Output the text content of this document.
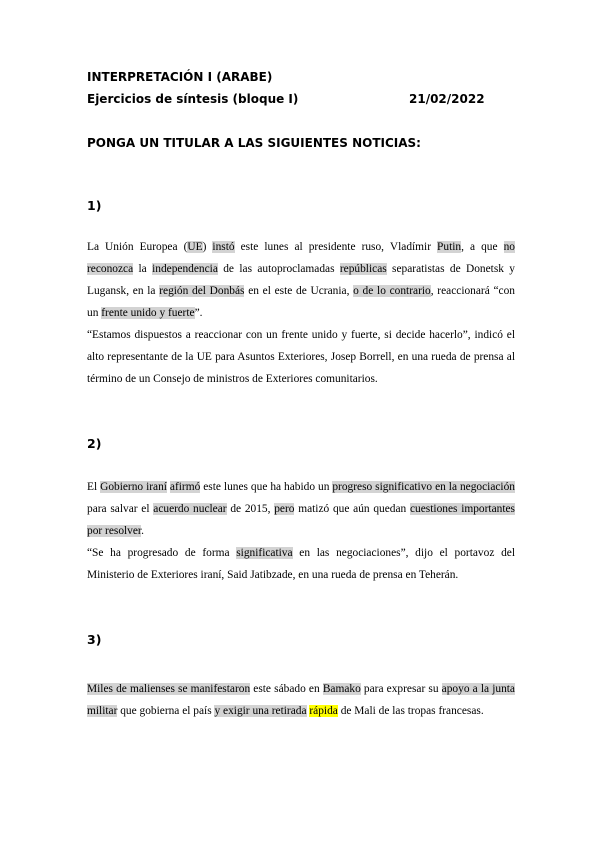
INTERPRETACIÓN I (ARABE)
Ejercicios de síntesis (bloque I)	21/02/2022
PONGA UN TITULAR A LAS SIGUIENTES NOTICIAS:
1)
La Unión Europea (UE) instó este lunes al presidente ruso, Vladímir Putin, a que no reconozca la independencia de las autoproclamadas repúblicas separatistas de Donetsk y Lugansk, en la región del Donbás en el este de Ucrania, o de lo contrario, reaccionará “con un frente unido y fuerte”.
“Estamos dispuestos a reaccionar con un frente unido y fuerte, si decide hacerlo”, indicó el alto representante de la UE para Asuntos Exteriores, Josep Borrell, en una rueda de prensa al término de un Consejo de ministros de Exteriores comunitarios.
2)
El Gobierno iraní afirmó este lunes que ha habido un progreso significativo en la negociación para salvar el acuerdo nuclear de 2015, pero matizó que aún quedan cuestiones importantes por resolver.
“Se ha progresado de forma significativa en las negociaciones”, dijo el portavoz del Ministerio de Exteriores iraní, Said Jatibzade, en una rueda de prensa en Teherán.
3)
Miles de malienses se manifestaron este sábado en Bamako para expresar su apoyo a la junta militar que gobierna el país y exigir una retirada rápida de Mali de las tropas francesas.
